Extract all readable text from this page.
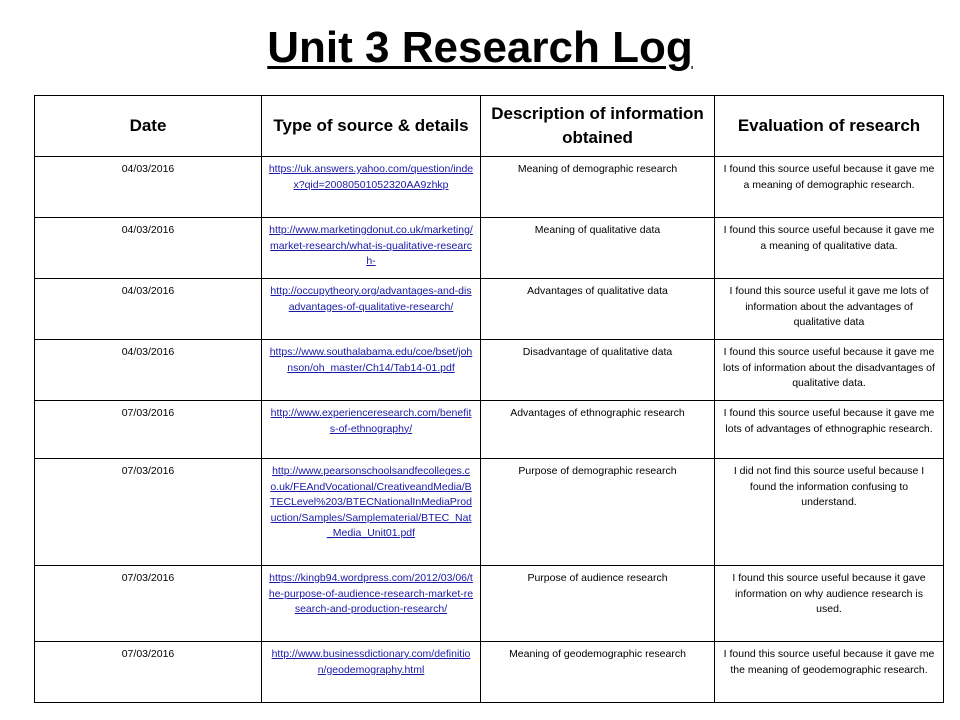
Unit 3 Research Log
Date	Type of source & details	Description of information obtained	Evaluation of research
04/03/2016	https://uk.answers.yahoo.com/question/index?qid=20080501052320AA9zhkp	Meaning of demographic research	I found this source useful because it gave me a meaning of demographic research.
04/03/2016	http://www.marketingdonut.co.uk/marketing/market-research/what-is-qualitative-research-	Meaning of qualitative data	I found this source useful because it gave me a meaning of qualitative data.
04/03/2016	http://occupytheory.org/advantages-and-disadvantages-of-qualitative-research/	Advantages of qualitative data	I found this source useful it gave me lots of information about the advantages of qualitative data
04/03/2016	https://www.southalabama.edu/coe/bset/johnson/oh_master/Ch14/Tab14-01.pdf	Disadvantage of qualitative data	I found this source useful because it gave me lots of information about the disadvantages of qualitative data.
07/03/2016	http://www.experienceresearch.com/benefits-of-ethnography/	Advantages of ethnographic research	I found this source useful because it gave me lots of advantages of ethnographic research.
07/03/2016	http://www.pearsonschoolsandfecolleges.co.uk/FEAndVocational/CreativeandMedia/BTECLevel%203/BTECNationalInMediaProduction/Samples/Samplematerial/BTEC_Nat_Media_Unit01.pdf	Purpose of demographic research	I did not find this source useful because I found the information confusing to understand.
07/03/2016	https://kingb94.wordpress.com/2012/03/06/the-purpose-of-audience-research-market-research-and-production-research/	Purpose of audience research	I found this source useful because it gave information on why audience research is used.
07/03/2016	http://www.businessdictionary.com/definition/geodemography.html	Meaning of geodemographic research	I found this source useful because it gave me the meaning of geodemographic research.
